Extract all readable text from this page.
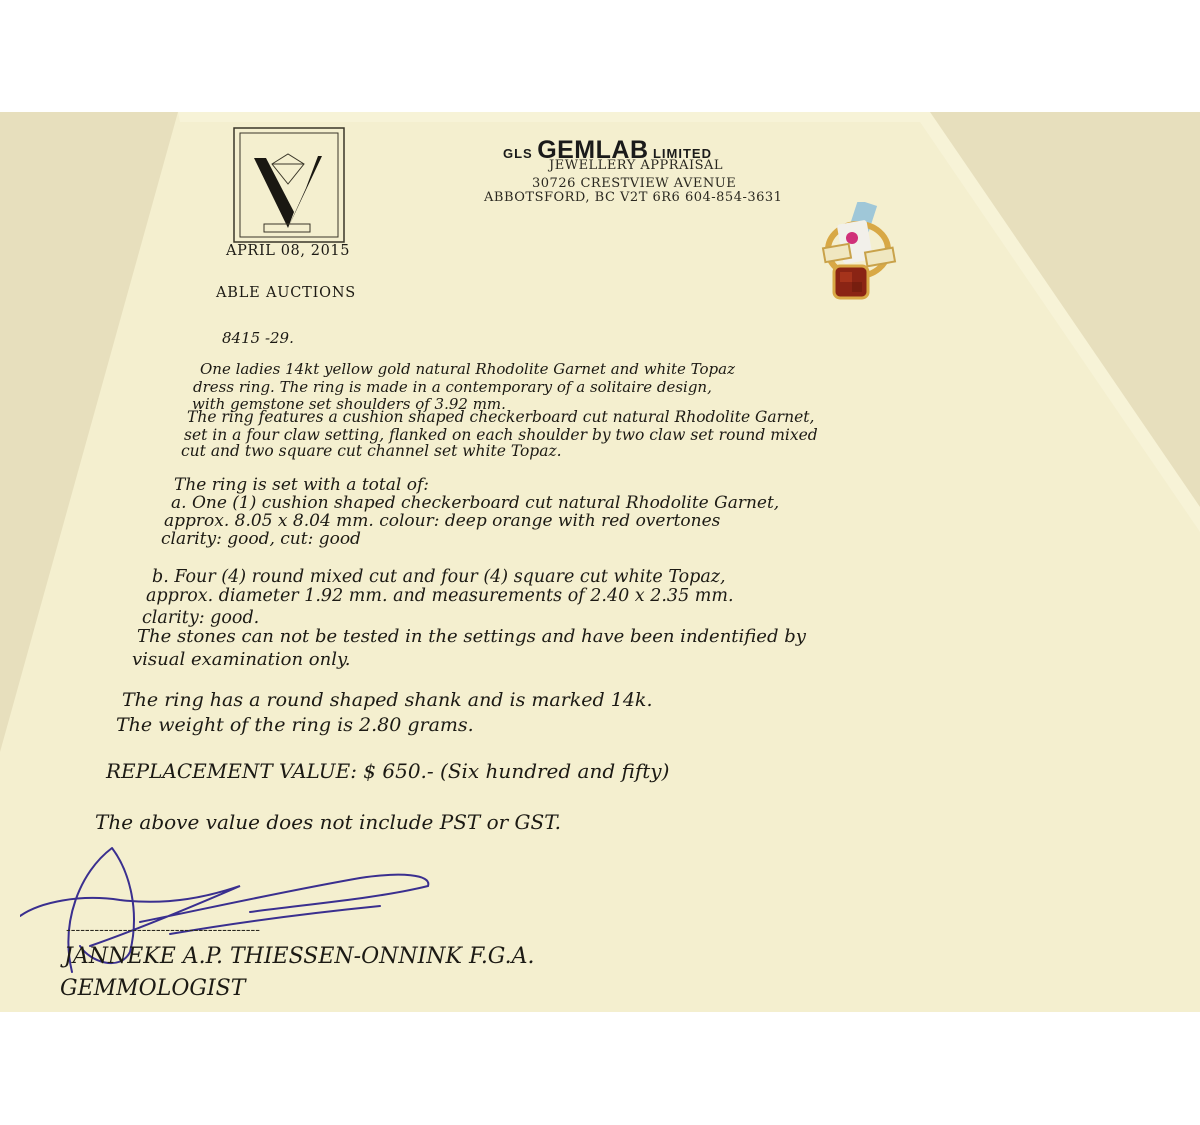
GLS GEMLAB LIMITED
JEWELLERY APPRAISAL
30726 CRESTVIEW AVENUE
ABBOTSFORD, BC V2T 6R6 604-854-3631
APRIL 08, 2015
ABLE AUCTIONS
8415 -29.
One ladies 14kt yellow gold natural Rhodolite Garnet and white Topaz
dress ring. The ring is made in a contemporary of a solitaire design,
with gemstone set shoulders of 3.92 mm.
The ring features a cushion shaped checkerboard cut natural Rhodolite Garnet,
set in a four claw setting, flanked on each shoulder by two claw set round mixed
cut and two square cut channel set white Topaz.
The ring is set with a total of:
a. One (1) cushion shaped checkerboard cut natural Rhodolite Garnet,
approx. 8.05 x 8.04 mm. colour: deep orange with red overtones
clarity: good, cut: good
b. Four (4) round mixed cut and four (4) square cut white Topaz,
approx. diameter 1.92 mm. and measurements of 2.40 x 2.35 mm.
clarity: good.
The stones can not be tested in the settings and have been indentified by
visual examination only.
The ring has a round shaped shank and is marked 14k.
The weight of the ring is 2.80 grams.
REPLACEMENT VALUE: $ 650.- (Six hundred and fifty)
The above value does not include PST or GST.
-----------------------------------------
JANNEKE A.P. THIESSEN-ONNINK F.G.A.
GEMMOLOGIST
